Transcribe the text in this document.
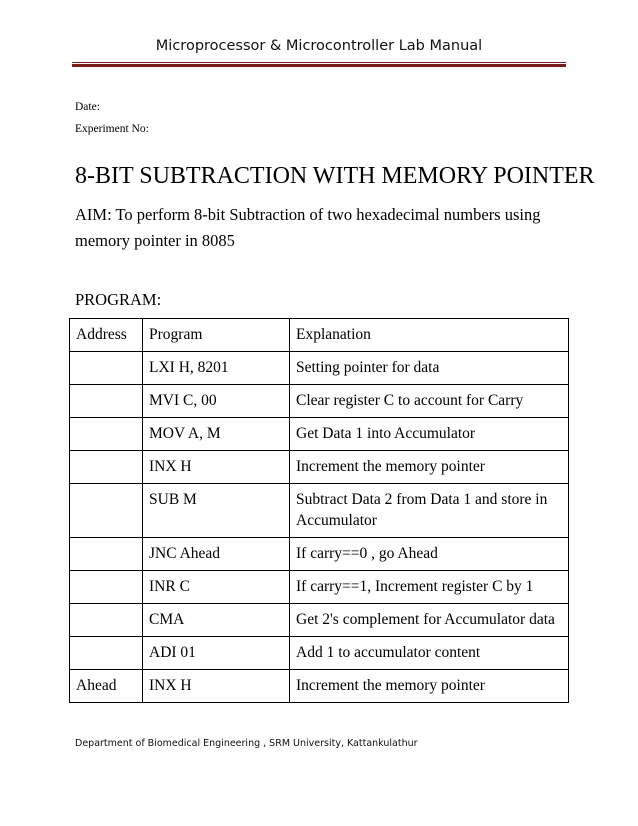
Microprocessor & Microcontroller Lab Manual
Date:
Experiment No:
8-BIT SUBTRACTION WITH MEMORY POINTER
AIM: To perform 8-bit Subtraction of two hexadecimal numbers using memory pointer in 8085
PROGRAM:
Address	Program	Explanation
	LXI H, 8201	Setting pointer for data
	MVI C, 00	Clear register C to account for Carry
	MOV A, M	Get Data 1 into Accumulator
	INX H	Increment the memory pointer
	SUB M	Subtract Data 2 from Data 1 and store in Accumulator
	JNC Ahead	If carry==0 , go Ahead
	INR C	If carry==1, Increment register C by 1
	CMA	Get 2's complement for Accumulator data
	ADI 01	Add 1 to accumulator content
Ahead	INX H	Increment the memory pointer
Department of Biomedical Engineering , SRM University, Kattankulathur
